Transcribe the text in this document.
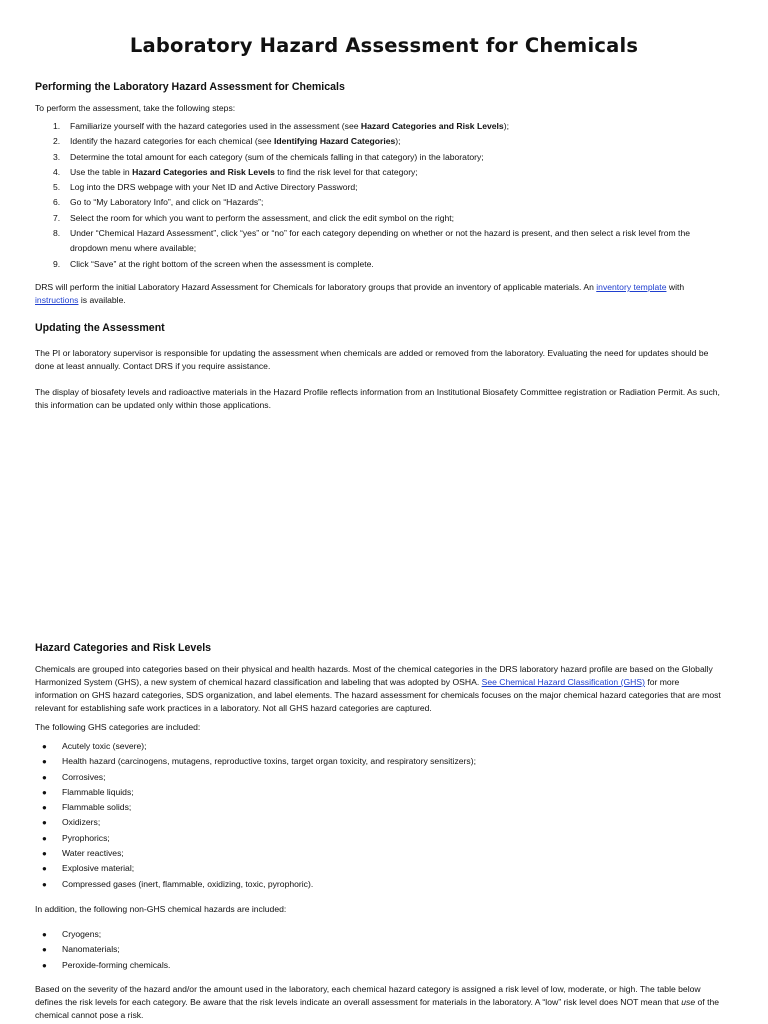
Laboratory Hazard Assessment for Chemicals
Performing the Laboratory Hazard Assessment for Chemicals

To perform the assessment, take the following steps:

1. Familiarize yourself with the hazard categories used in the assessment (see Hazard Categories and Risk Levels);
2. Identify the hazard categories for each chemical (see Identifying Hazard Categories);
3. Determine the total amount for each category (sum of the chemicals falling in that category) in the laboratory;
4. Use the table in Hazard Categories and Risk Levels to find the risk level for that category;
5. Log into the DRS webpage with your Net ID and Active Directory Password;
6. Go to “My Laboratory Info”, and click on “Hazards”;
7. Select the room for which you want to perform the assessment, and click the edit symbol on the right;
8. Under “Chemical Hazard Assessment”, click “yes” or “no” for each category depending on whether or not the hazard is present, and then select a risk level from the dropdown menu where available;
9. Click “Save” at the right bottom of the screen when the assessment is complete.

DRS will perform the initial Laboratory Hazard Assessment for Chemicals for laboratory groups that provide an inventory of applicable materials. An inventory template with instructions is available.

Updating the Assessment

The PI or laboratory supervisor is responsible for updating the assessment when chemicals are added or removed from the laboratory. Evaluating the need for updates should be done at least annually. Contact DRS if you require assistance.

The display of biosafety levels and radioactive materials in the Hazard Profile reflects information from an Institutional Biosafety Committee registration or Radiation Permit. As such, this information can be updated only within those applications.

Hazard Categories and Risk Levels

Chemicals are grouped into categories based on their physical and health hazards. Most of the chemical categories in the DRS laboratory hazard profile are based on the Globally Harmonized System (GHS), a new system of chemical hazard classification and labeling that was adopted by OSHA. See Chemical Hazard Classification (GHS) for more information on GHS hazard categories, SDS organization, and label elements. The hazard assessment for chemicals focuses on the major chemical hazard categories that are most relevant for establishing safe work practices in a laboratory. Not all GHS hazard categories are captured.

The following GHS categories are included:

● Acutely toxic (severe);
● Health hazard (carcinogens, mutagens, reproductive toxins, target organ toxicity, and respiratory sensitizers);
● Corrosives;
● Flammable liquids;
● Flammable solids;
● Oxidizers;
● Pyrophorics;
● Water reactives;
● Explosive material;
● Compressed gases (inert, flammable, oxidizing, toxic, pyrophoric).

In addition, the following non-GHS chemical hazards are included:

● Cryogens;
● Nanomaterials;
● Peroxide-forming chemicals.

Based on the severity of the hazard and/or the amount used in the laboratory, each chemical hazard category is assigned a risk level of low, moderate, or high. The table below defines the risk levels for each category. Be aware that the risk levels indicate an overall assessment for materials in the laboratory. A “low” risk level does NOT mean that use of the chemical cannot pose a risk.
